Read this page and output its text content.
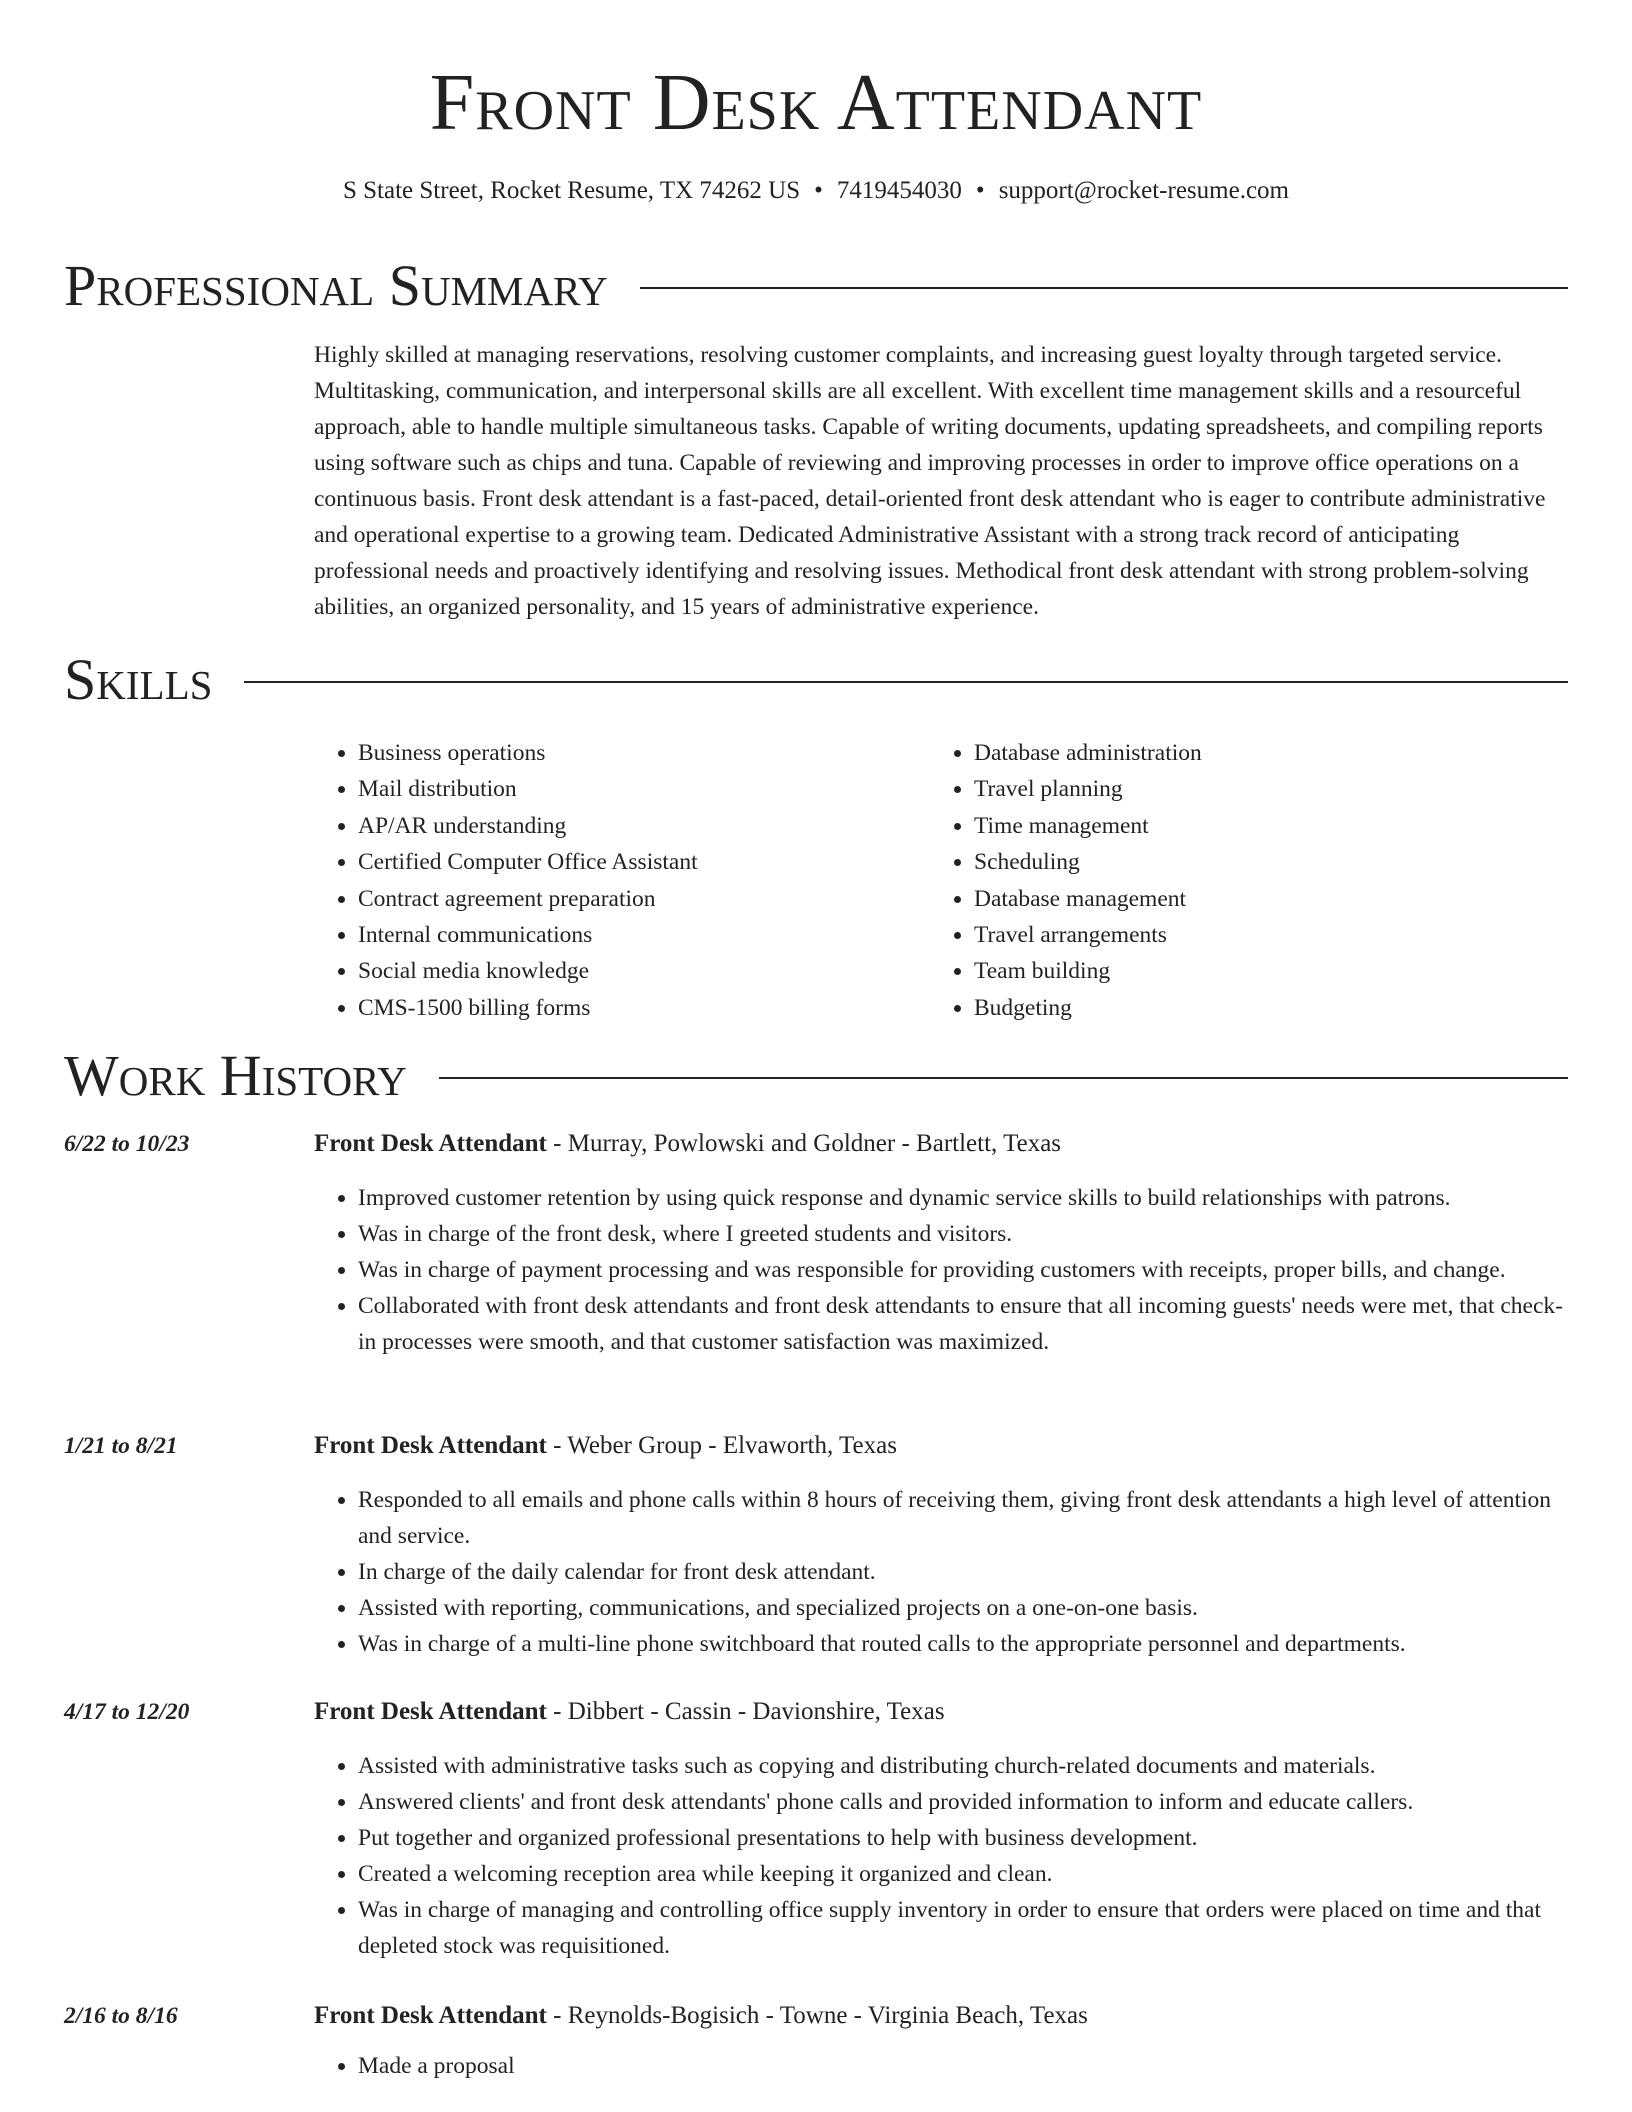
Front Desk Attendant
S State Street, Rocket Resume, TX 74262 US • 7419454030 • support@rocket-resume.com
Professional Summary
Highly skilled at managing reservations, resolving customer complaints, and increasing guest loyalty through targeted service. Multitasking, communication, and interpersonal skills are all excellent. With excellent time management skills and a resourceful approach, able to handle multiple simultaneous tasks. Capable of writing documents, updating spreadsheets, and compiling reports using software such as chips and tuna. Capable of reviewing and improving processes in order to improve office operations on a continuous basis. Front desk attendant is a fast-paced, detail-oriented front desk attendant who is eager to contribute administrative and operational expertise to a growing team. Dedicated Administrative Assistant with a strong track record of anticipating professional needs and proactively identifying and resolving issues. Methodical front desk attendant with strong problem-solving abilities, an organized personality, and 15 years of administrative experience.
Skills
• Business operations
• Mail distribution
• AP/AR understanding
• Certified Computer Office Assistant
• Contract agreement preparation
• Internal communications
• Social media knowledge
• CMS-1500 billing forms
• Database administration
• Travel planning
• Time management
• Scheduling
• Database management
• Travel arrangements
• Team building
• Budgeting
Work History
6/22 to 10/23	Front Desk Attendant - Murray, Powlowski and Goldner - Bartlett, Texas
• Improved customer retention by using quick response and dynamic service skills to build relationships with patrons.
• Was in charge of the front desk, where I greeted students and visitors.
• Was in charge of payment processing and was responsible for providing customers with receipts, proper bills, and change.
• Collaborated with front desk attendants and front desk attendants to ensure that all incoming guests' needs were met, that check-in processes were smooth, and that customer satisfaction was maximized.
1/21 to 8/21	Front Desk Attendant - Weber Group - Elvaworth, Texas
• Responded to all emails and phone calls within 8 hours of receiving them, giving front desk attendants a high level of attention and service.
• In charge of the daily calendar for front desk attendant.
• Assisted with reporting, communications, and specialized projects on a one-on-one basis.
• Was in charge of a multi-line phone switchboard that routed calls to the appropriate personnel and departments.
4/17 to 12/20	Front Desk Attendant - Dibbert - Cassin - Davionshire, Texas
• Assisted with administrative tasks such as copying and distributing church-related documents and materials.
• Answered clients' and front desk attendants' phone calls and provided information to inform and educate callers.
• Put together and organized professional presentations to help with business development.
• Created a welcoming reception area while keeping it organized and clean.
• Was in charge of managing and controlling office supply inventory in order to ensure that orders were placed on time and that depleted stock was requisitioned.
2/16 to 8/16	Front Desk Attendant - Reynolds-Bogisich - Towne - Virginia Beach, Texas
• Made a proposal
